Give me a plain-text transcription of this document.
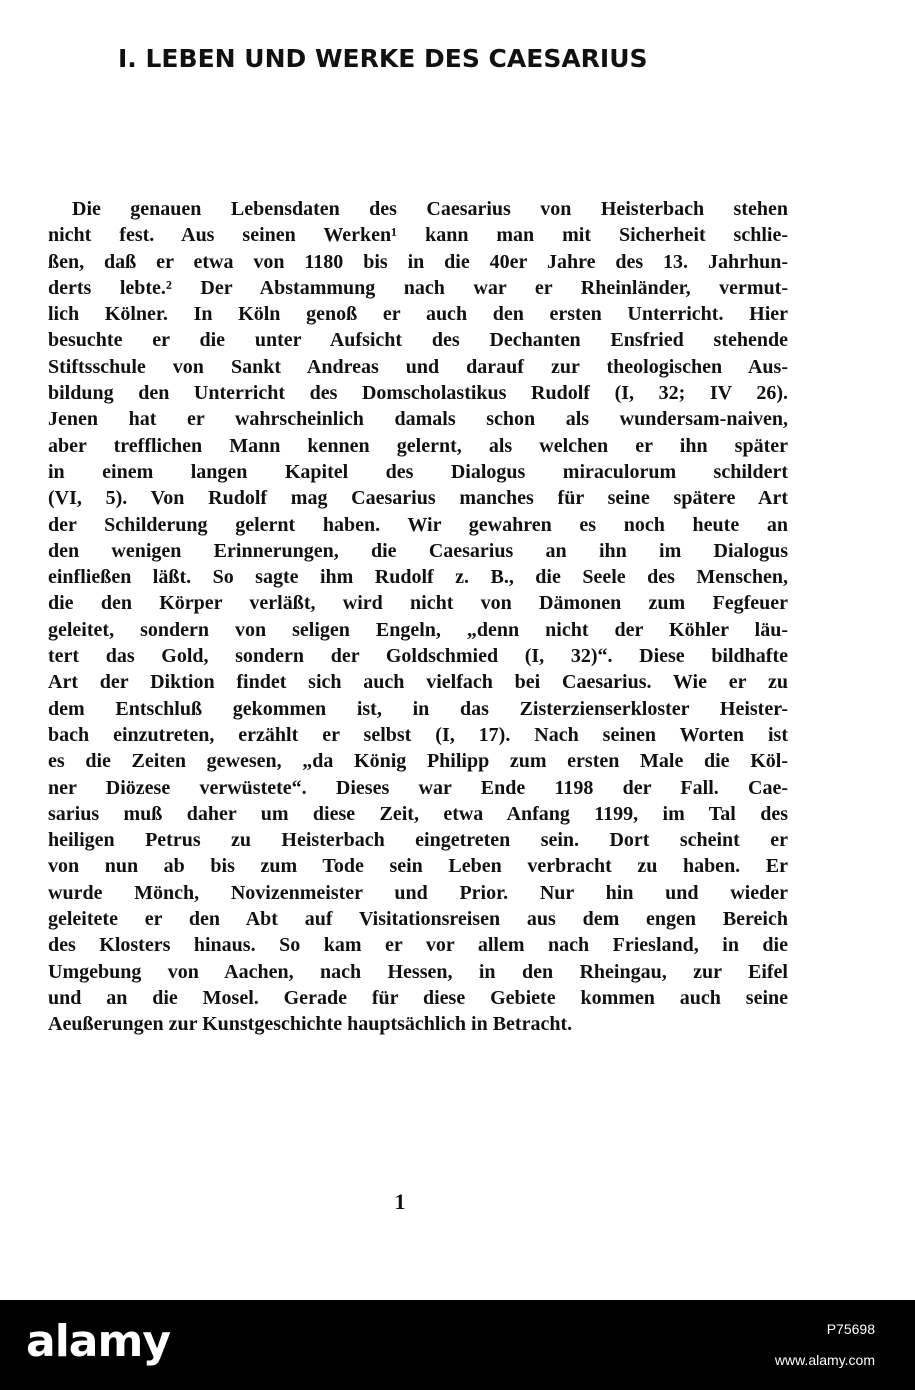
I. LEBEN UND WERKE DES CAESARIUS
Die genauen Lebensdaten des Caesarius von Heisterbach stehen
nicht fest. Aus seinen Werken¹ kann man mit Sicherheit schlie-
ßen, daß er etwa von 1180 bis in die 40er Jahre des 13. Jahrhun-
derts lebte.² Der Abstammung nach war er Rheinländer, vermut-
lich Kölner. In Köln genoß er auch den ersten Unterricht. Hier
besuchte er die unter Aufsicht des Dechanten Ensfried stehende
Stiftsschule von Sankt Andreas und darauf zur theologischen Aus-
bildung den Unterricht des Domscholastikus Rudolf (I, 32; IV 26).
Jenen hat er wahrscheinlich damals schon als wundersam-naiven,
aber trefflichen Mann kennen gelernt, als welchen er ihn später
in einem langen Kapitel des Dialogus miraculorum schildert
(VI, 5). Von Rudolf mag Caesarius manches für seine spätere Art
der Schilderung gelernt haben. Wir gewahren es noch heute an
den wenigen Erinnerungen, die Caesarius an ihn im Dialogus
einfließen läßt. So sagte ihm Rudolf z. B., die Seele des Menschen,
die den Körper verläßt, wird nicht von Dämonen zum Fegfeuer
geleitet, sondern von seligen Engeln, „denn nicht der Köhler läu-
tert das Gold, sondern der Goldschmied (I, 32)“. Diese bildhafte
Art der Diktion findet sich auch vielfach bei Caesarius. Wie er zu
dem Entschluß gekommen ist, in das Zisterzienserkloster Heister-
bach einzutreten, erzählt er selbst (I, 17). Nach seinen Worten ist
es die Zeiten gewesen, „da König Philipp zum ersten Male die Köl-
ner Diözese verwüstete“. Dieses war Ende 1198 der Fall. Cae-
sarius muß daher um diese Zeit, etwa Anfang 1199, im Tal des
heiligen Petrus zu Heisterbach eingetreten sein. Dort scheint er
von nun ab bis zum Tode sein Leben verbracht zu haben. Er
wurde Mönch, Novizenmeister und Prior. Nur hin und wieder
geleitete er den Abt auf Visitationsreisen aus dem engen Bereich
des Klosters hinaus. So kam er vor allem nach Friesland, in die
Umgebung von Aachen, nach Hessen, in den Rheingau, zur Eifel
und an die Mosel. Gerade für diese Gebiete kommen auch seine
Aeußerungen zur Kunstgeschichte hauptsächlich in Betracht.
1
alamy	P75698
www.alamy.com
